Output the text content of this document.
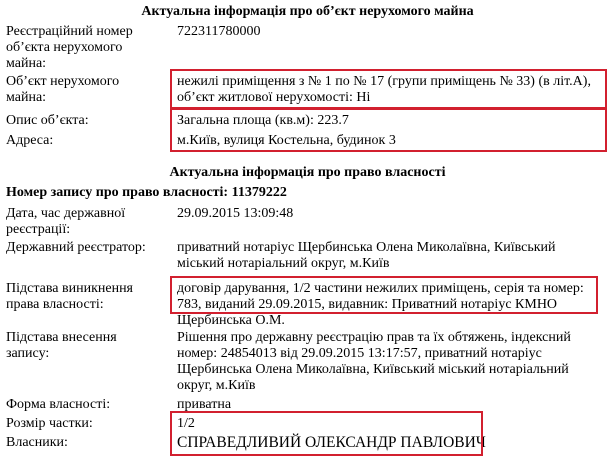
Актуальна інформація про об’єкт нерухомого майна
Реєстраційний номер
об’єкта нерухомого
майна:
722311780000
Об’єкт нерухомого
майна:
нежилі приміщення з № 1 по № 17 (групи приміщень № 33) (в літ.А),
об’єкт житлової нерухомості: Ні
Опис об’єкта:	Загальна площа (кв.м): 223.7
Адреса:	м.Київ, вулиця Костельна, будинок 3
Актуальна інформація про право власності
Номер запису про право власності: 11379222
Дата, час державної
реєстрації:
29.09.2015 13:09:48
Державний реєстратор:	приватний нотаріус Щербинська Олена Миколаївна, Київський
міський нотаріальний округ, м.Київ
Підстава виникнення
права власності:
договір дарування, 1/2 частини нежилих приміщень, серія та номер:
783, виданий 29.09.2015, видавник: Приватний нотаріус КМНО
Щербинська О.М.
Підстава внесення
запису:
Рішення про державну реєстрацію прав та їх обтяжень, індексний
номер: 24854013 від 29.09.2015 13:17:57, приватний нотаріус
Щербинська Олена Миколаївна, Київський міський нотаріальний
округ, м.Київ
Форма власності:	приватна
Розмір частки:	1/2
Власники:	СПРАВЕДЛИВИЙ ОЛЕКСАНДР ПАВЛОВИЧ
